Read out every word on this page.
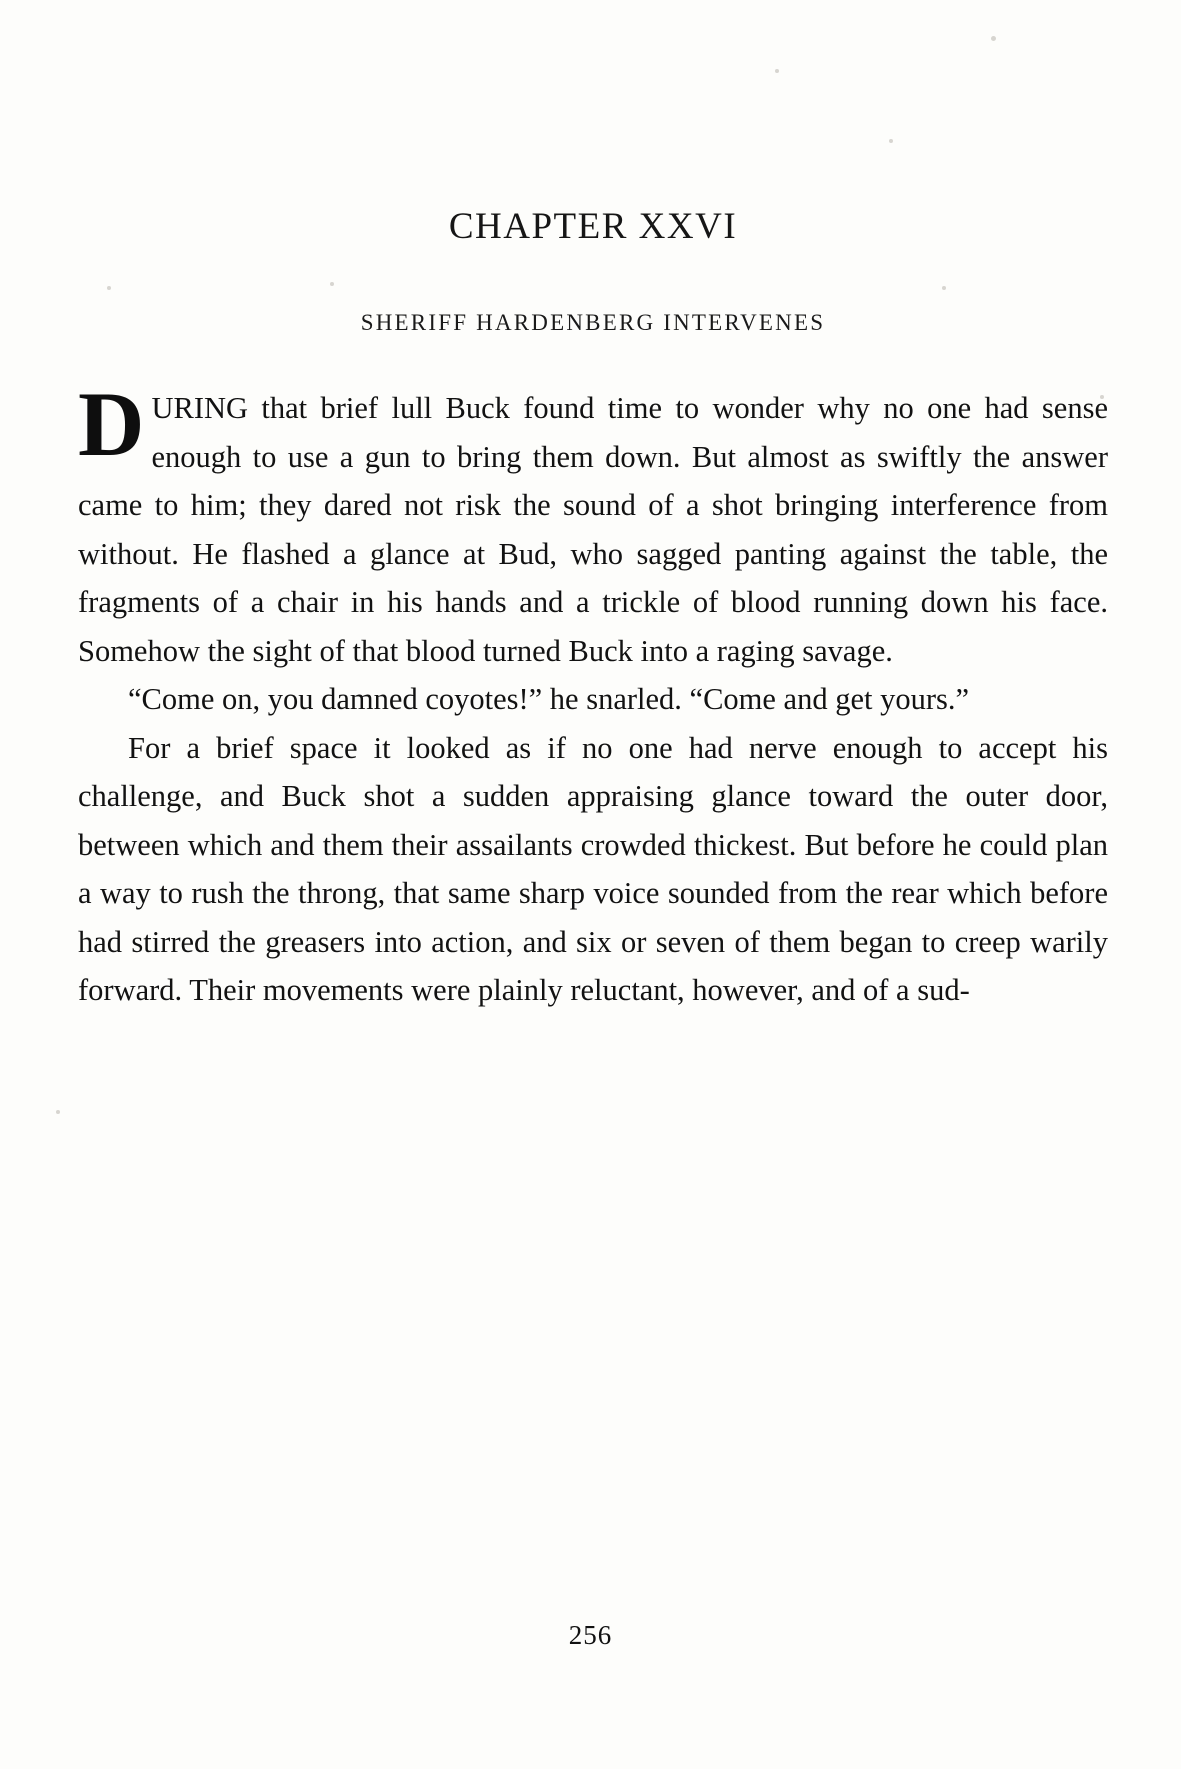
CHAPTER XXVI
SHERIFF HARDENBERG INTERVENES

DURING that brief lull Buck found time to wonder why no one had sense enough to use a gun to bring them down. But almost as swiftly the answer came to him; they dared not risk the sound of a shot bringing interference from without. He flashed a glance at Bud, who sagged panting against the table, the fragments of a chair in his hands and a trickle of blood running down his face. Somehow the sight of that blood turned Buck into a raging savage.

“Come on, you damned coyotes!” he snarled. “Come and get yours.”

For a brief space it looked as if no one had nerve enough to accept his challenge, and Buck shot a sudden appraising glance toward the outer door, between which and them their assailants crowded thickest. But before he could plan a way to rush the throng, that same sharp voice sounded from the rear which before had stirred the greasers into action, and six or seven of them began to creep warily forward. Their movements were plainly reluctant, however, and of a sud-

256
